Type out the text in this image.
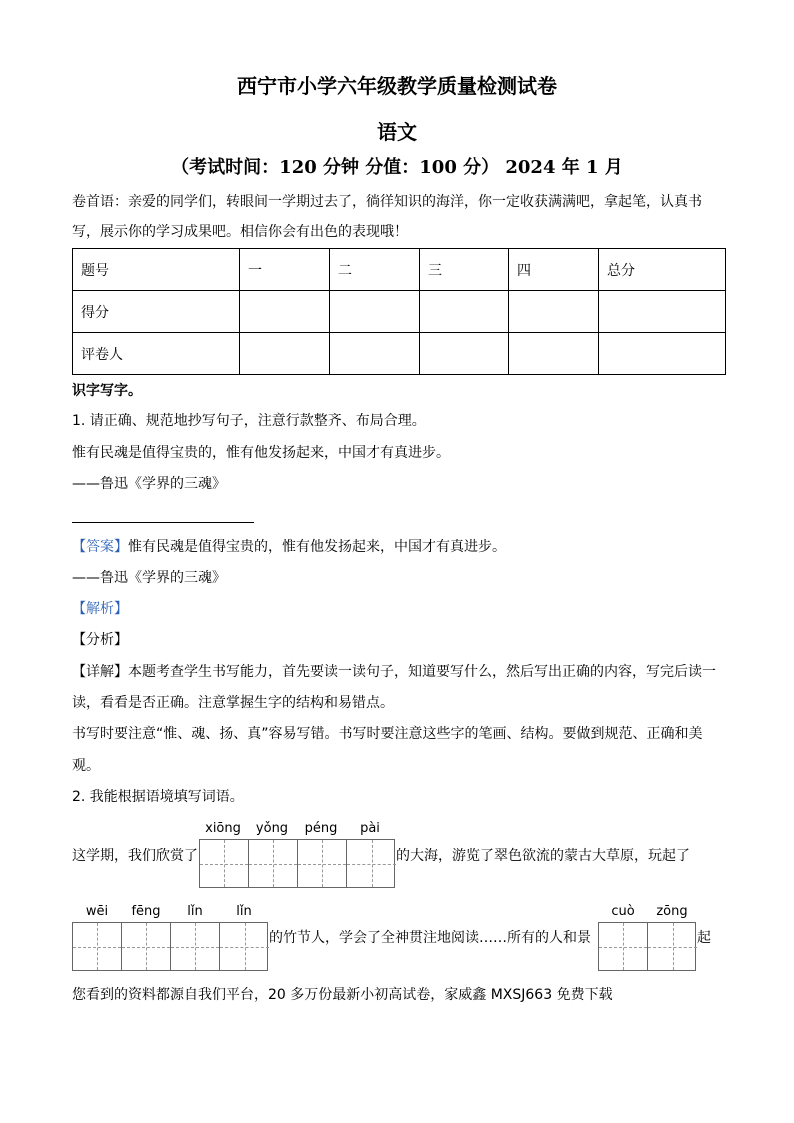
西宁市小学六年级教学质量检测试卷
语文
（考试时间：120 分钟 分值：100 分） 2024 年 1 月
卷首语：亲爱的同学们，转眼间一学期过去了，徜徉知识的海洋，你一定收获满满吧，拿起笔，认真书
写，展示你的学习成果吧。相信你会有出色的表现哦！
题号	一	二	三	四	总分
得分					
评卷人					
识字写字。
1. 请正确、规范地抄写句子，注意行款整齐、布局合理。
惟有民魂是值得宝贵的，惟有他发扬起来，中国才有真进步。
——鲁迅《学界的三魂》
【答案】惟有民魂是值得宝贵的，惟有他发扬起来，中国才有真进步。
——鲁迅《学界的三魂》
【解析】
【分析】
【详解】本题考查学生书写能力，首先要读一读句子，知道要写什么，然后写出正确的内容，写完后读一
读，看看是否正确。注意掌握生字的结构和易错点。
书写时要注意“惟、魂、扬、真”容易写错。书写时要注意这些字的笔画、结构。要做到规范、正确和美
观。
2. 我能根据语境填写词语。
xiōng	yǒng	péng	pài
这学期，我们欣赏了	的大海，游览了翠色欲流的蒙古大草原，玩起了
wēi	fēng	lǐn	lǐn	cuò	zōng
的竹节人，学会了全神贯注地阅读……所有的人和景	起
您看到的资料都源自我们平台，20 多万份最新小初高试卷，家威鑫 MXSJ663 免费下载
